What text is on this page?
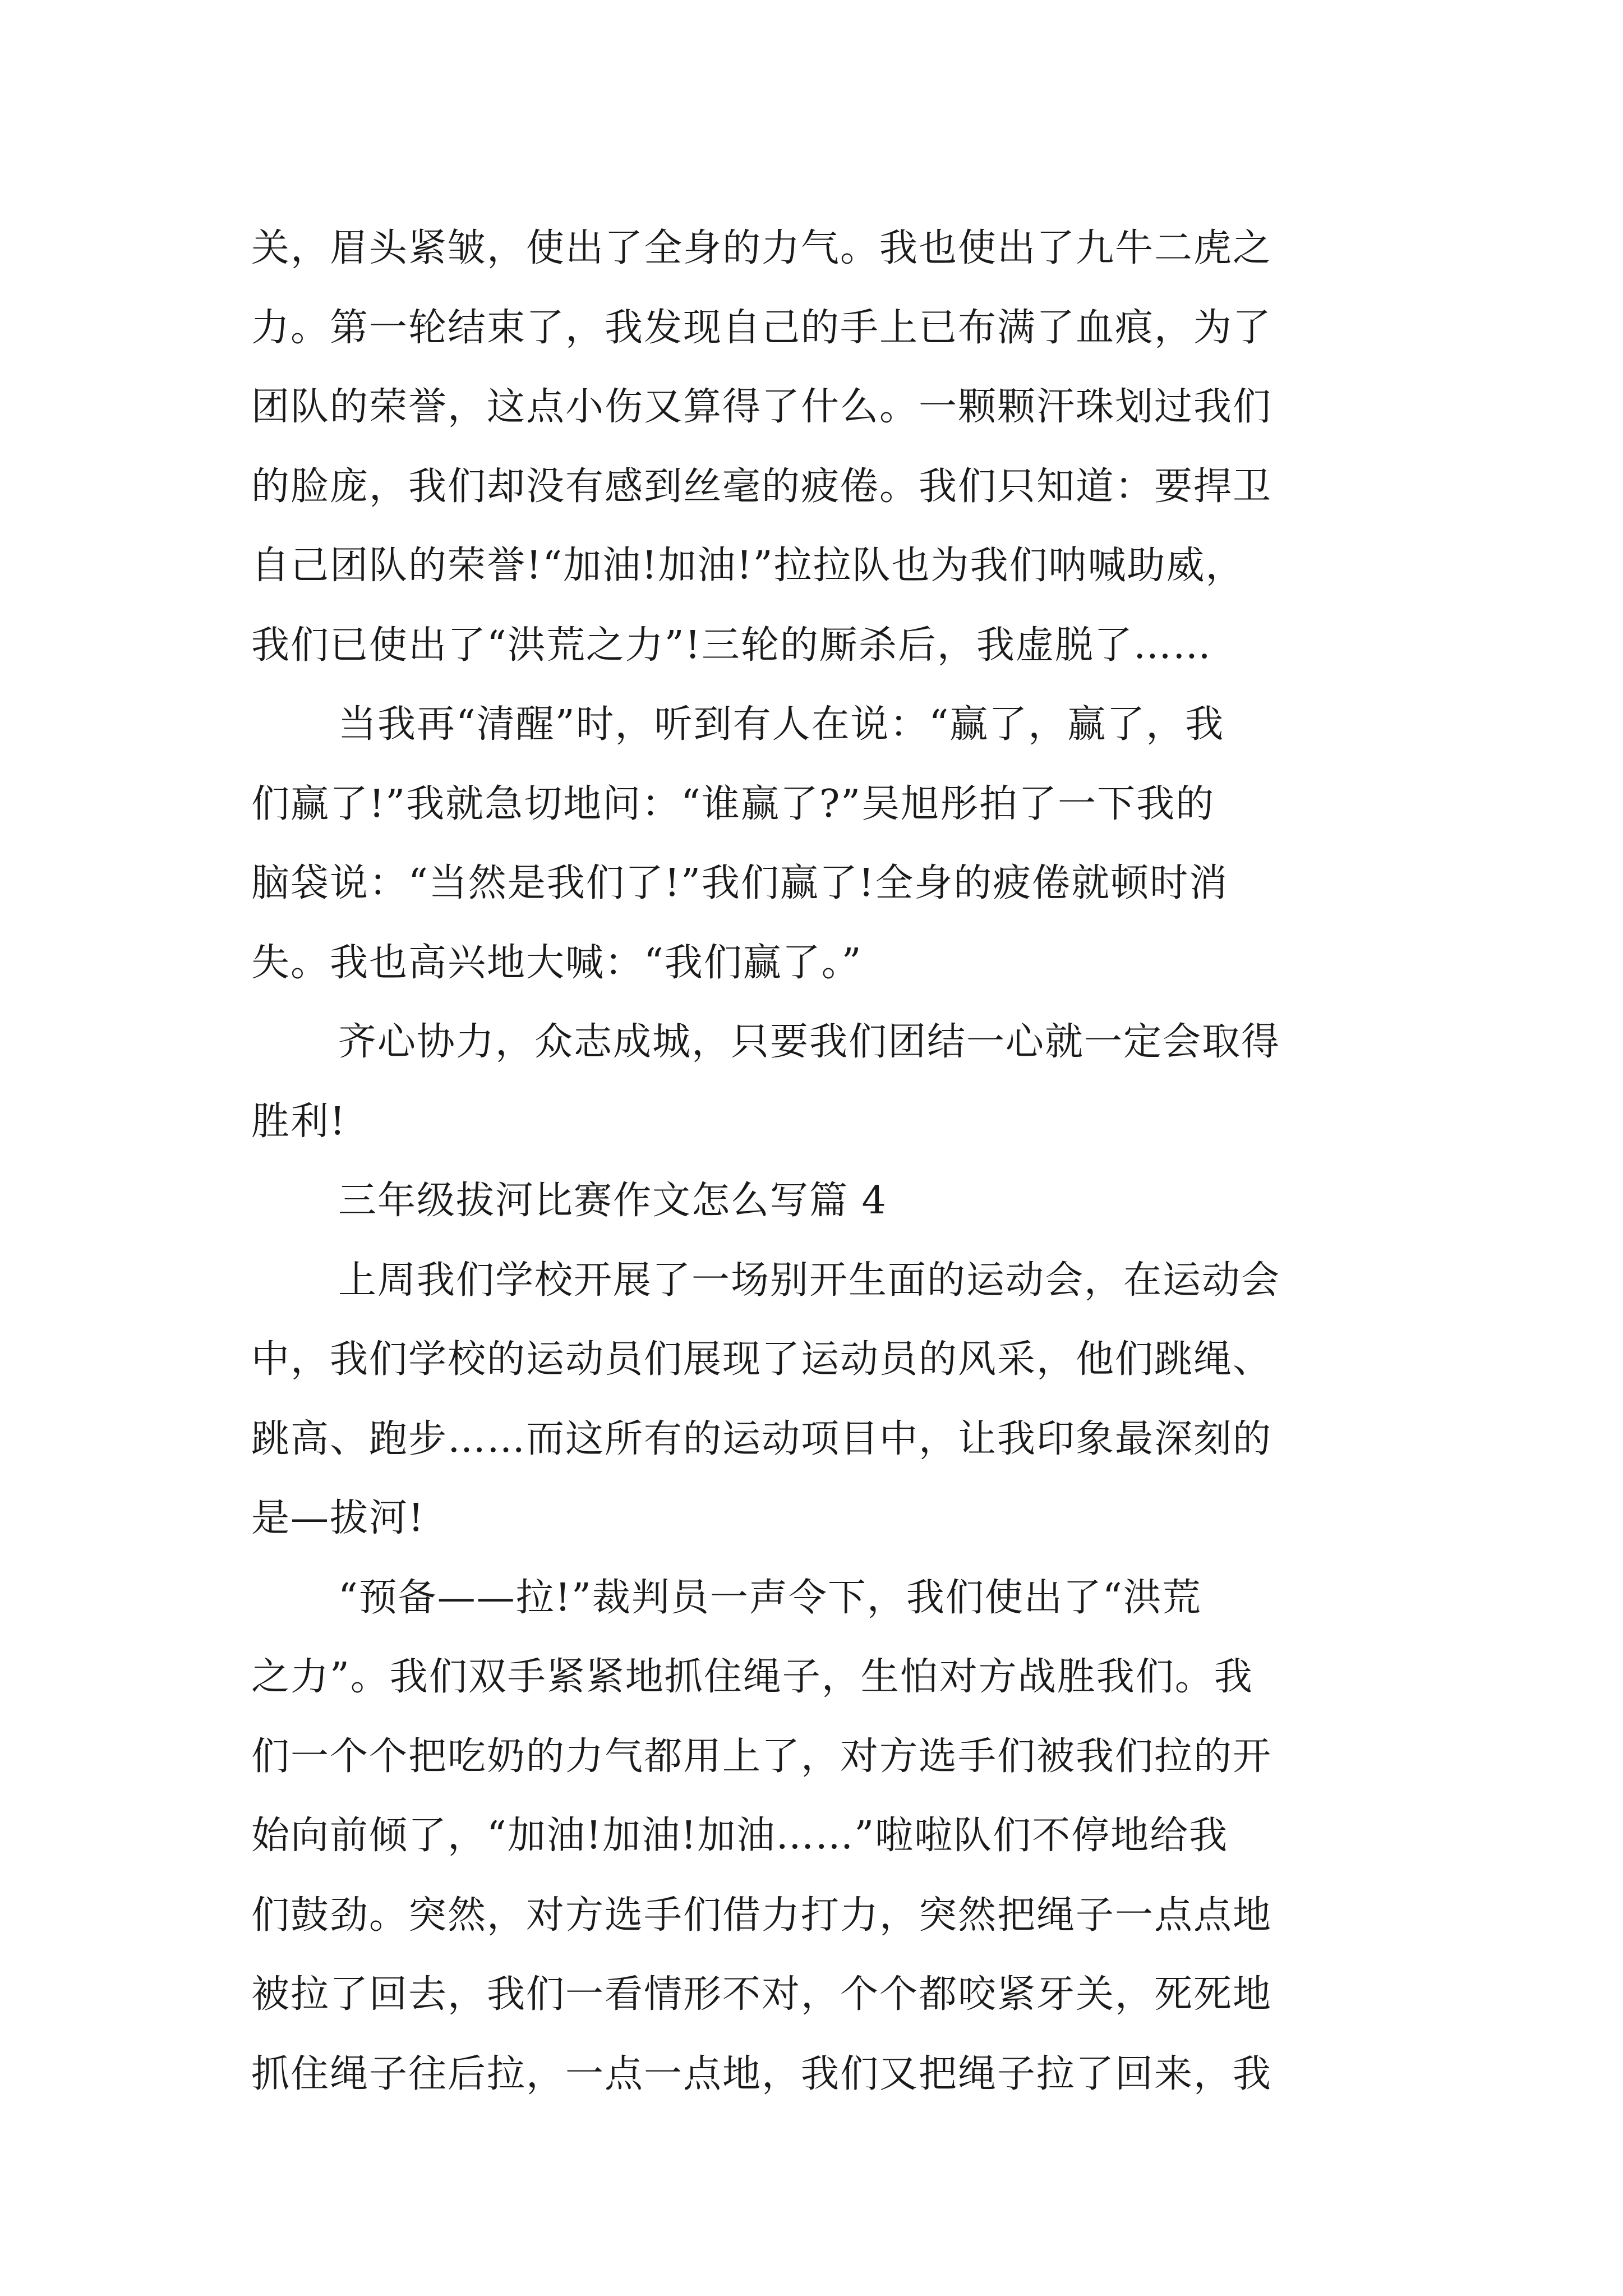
关，眉头紧皱，使出了全身的力气。我也使出了九牛二虎之
力。第一轮结束了，我发现自己的手上已布满了血痕，为了
团队的荣誉，这点小伤又算得了什么。一颗颗汗珠划过我们
的脸庞，我们却没有感到丝毫的疲倦。我们只知道：要捍卫
自己团队的荣誉!“加油!加油!”拉拉队也为我们呐喊助威，
我们已使出了“洪荒之力”!三轮的厮杀后，我虚脱了……

当我再“清醒”时，听到有人在说：“赢了，赢了，我
们赢了!”我就急切地问：“谁赢了?”吴旭彤拍了一下我的
脑袋说：“当然是我们了!”我们赢了!全身的疲倦就顿时消
失。我也高兴地大喊：“我们赢了。”

齐心协力，众志成城，只要我们团结一心就一定会取得
胜利!

三年级拔河比赛作文怎么写篇 4

上周我们学校开展了一场别开生面的运动会，在运动会
中，我们学校的运动员们展现了运动员的风采，他们跳绳、
跳高、跑步……而这所有的运动项目中，让我印象最深刻的
是—拔河!

“预备——拉!”裁判员一声令下，我们使出了“洪荒
之力”。我们双手紧紧地抓住绳子，生怕对方战胜我们。我
们一个个把吃奶的力气都用上了，对方选手们被我们拉的开
始向前倾了，“加油!加油!加油……”啦啦队们不停地给我
们鼓劲。突然，对方选手们借力打力，突然把绳子一点点地
被拉了回去，我们一看情形不对，个个都咬紧牙关，死死地
抓住绳子往后拉，一点一点地，我们又把绳子拉了回来，我
